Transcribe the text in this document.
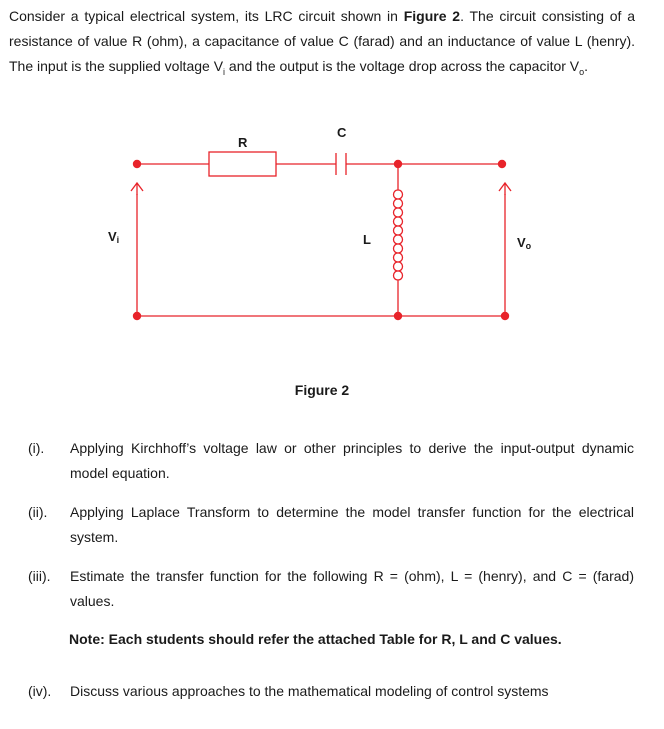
Consider a typical electrical system, its LRC circuit shown in Figure 2. The circuit consisting of a resistance of value R (ohm), a capacitance of value C (farad) and an inductance of value L (henry). The input is the supplied voltage $V_i$ and the output is the voltage drop across the capacitor $V_o$.

R
C
L
Vi	Vo

Figure 2

(i). Applying Kirchhoff’s voltage law or other principles to derive the input-output dynamic model equation.

(ii). Applying Laplace Transform to determine the model transfer function for the electrical system.

(iii). Estimate the transfer function for the following R = (ohm), L = (henry), and C = (farad) values.

Note: Each students should refer the attached Table for R, L and C values.

(iv). Discuss various approaches to the mathematical modeling of control systems
